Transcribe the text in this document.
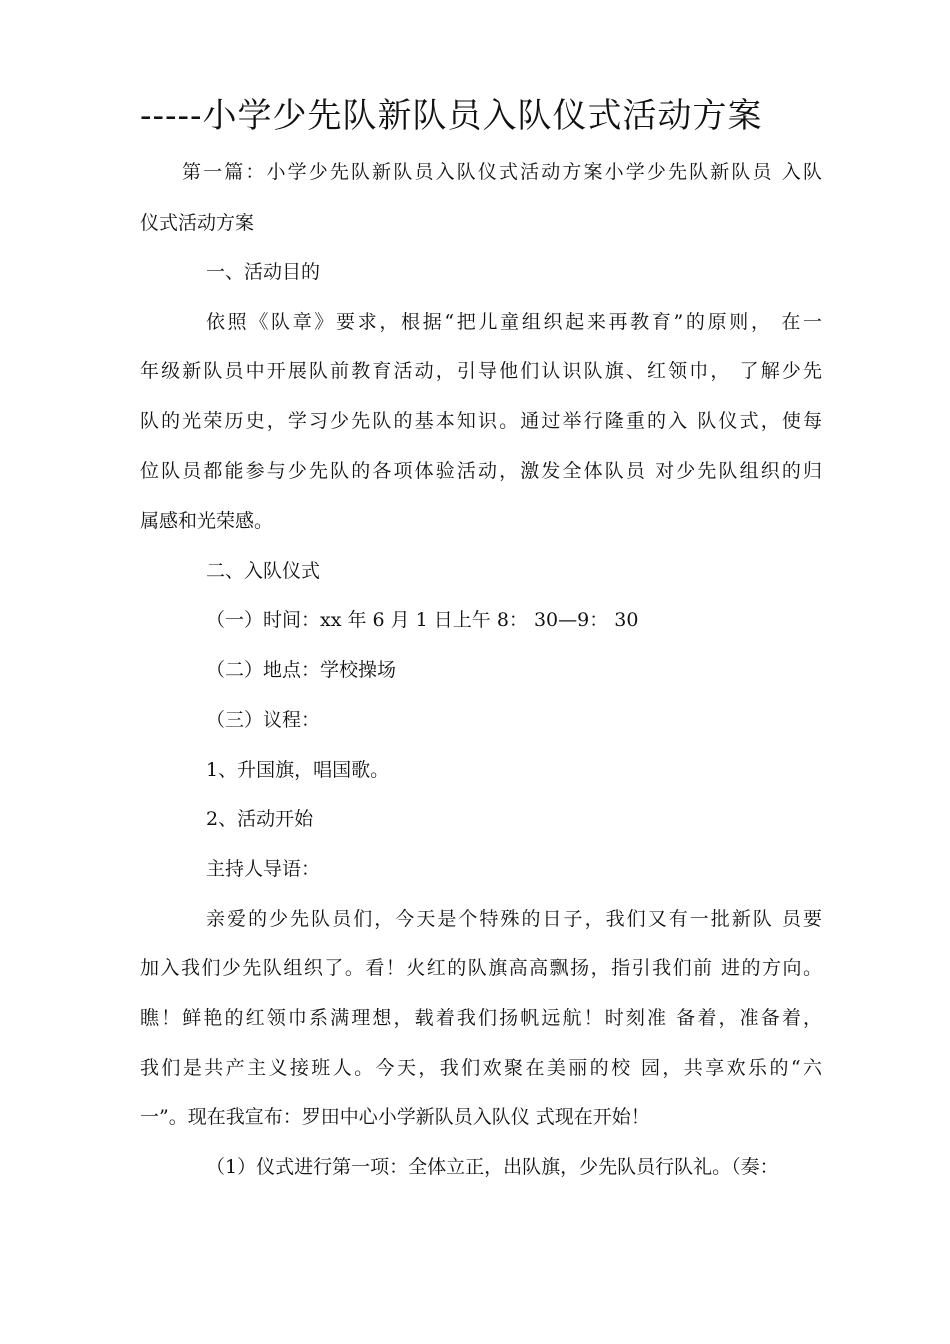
-----小学少先队新队员入队仪式活动方案
第一篇：小学少先队新队员入队仪式活动方案小学少先队新队员 入队
仪式活动方案
一、活动目的
依照《队章》要求，根据“把儿童组织起来再教育”的原则， 在一
年级新队员中开展队前教育活动，引导他们认识队旗、红领巾， 了解少先
队的光荣历史，学习少先队的基本知识。通过举行隆重的入 队仪式，使每
位队员都能参与少先队的各项体验活动，激发全体队员 对少先队组织的归
属感和光荣感。
二、入队仪式
（一）时间：xx 年 6 月 1 日上午 8： 30—9： 30
（二）地点：学校操场
（三）议程：
1、升国旗，唱国歌。
2、活动开始
主持人导语：
亲爱的少先队员们，今天是个特殊的日子，我们又有一批新队 员要
加入我们少先队组织了。看！火红的队旗高高飘扬，指引我们前 进的方向。
瞧！鲜艳的红领巾系满理想，载着我们扬帆远航！时刻准 备着，准备着，
我们是共产主义接班人。今天，我们欢聚在美丽的校 园，共享欢乐的“六
一”。现在我宣布：罗田中心小学新队员入队仪 式现在开始！
（1）仪式进行第一项：全体立正，出队旗，少先队员行队礼。（奏：
